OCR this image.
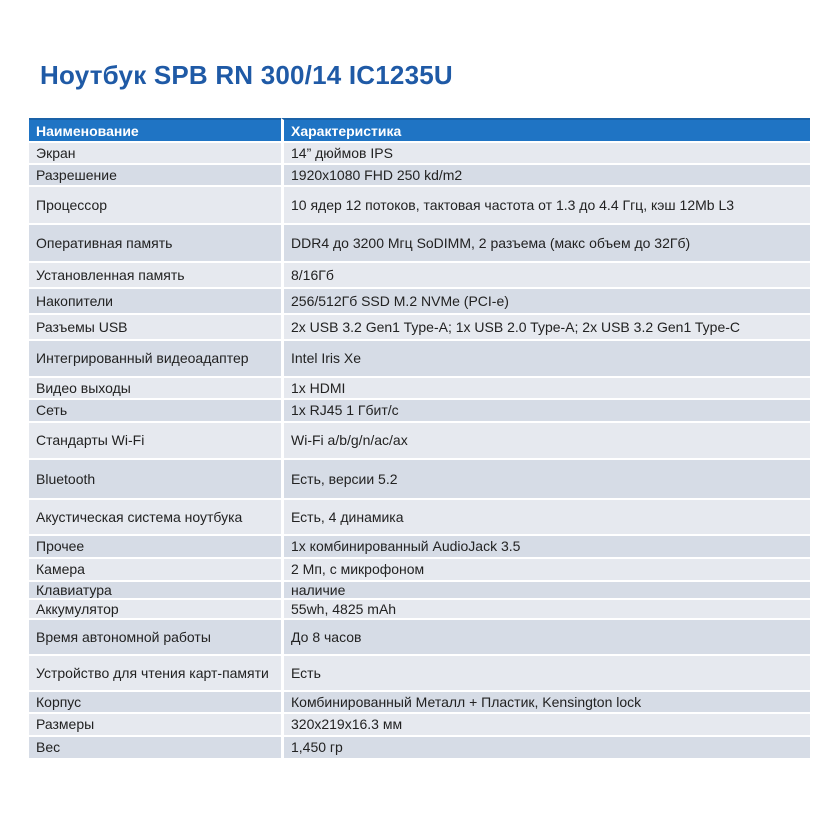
Ноутбук SPB RN 300/14 IC1235U
Наименование	Характеристика
Экран	14” дюймов IPS
Разрешение	1920x1080 FHD 250 kd/m2
Процессор	10 ядер 12 потоков, тактовая частота от 1.3 до 4.4 Ггц, кэш 12Mb L3
Оперативная память	DDR4 до 3200 Мгц SoDIMM, 2 разъема (макс объем до 32Гб)
Установленная память	8/16Гб
Накопители	256/512Гб SSD M.2 NVMe (PCI-e)
Разъемы USB	2x USB 3.2 Gen1 Type-A; 1x USB 2.0 Type-A; 2x USB 3.2 Gen1 Type-C
Интегрированный видеоадаптер	Intel Iris Xe
Видео выходы	1x HDMI
Сеть	1x RJ45 1 Гбит/с
Стандарты Wi-Fi	Wi-Fi a/b/g/n/ac/ax
Bluetooth	Есть, версии 5.2
Акустическая система ноутбука	Есть, 4 динамика
Прочее	1x комбинированный AudioJack 3.5
Камера	2 Мп, с микрофоном
Клавиатура	наличие
Аккумулятор	55wh, 4825 mAh
Время автономной работы	До 8 часов
Устройство для чтения карт-памяти	Есть
Корпус	Комбинированный Металл + Пластик, Kensington lock
Размеры	320x219x16.3 мм
Вес	1,450 гр
